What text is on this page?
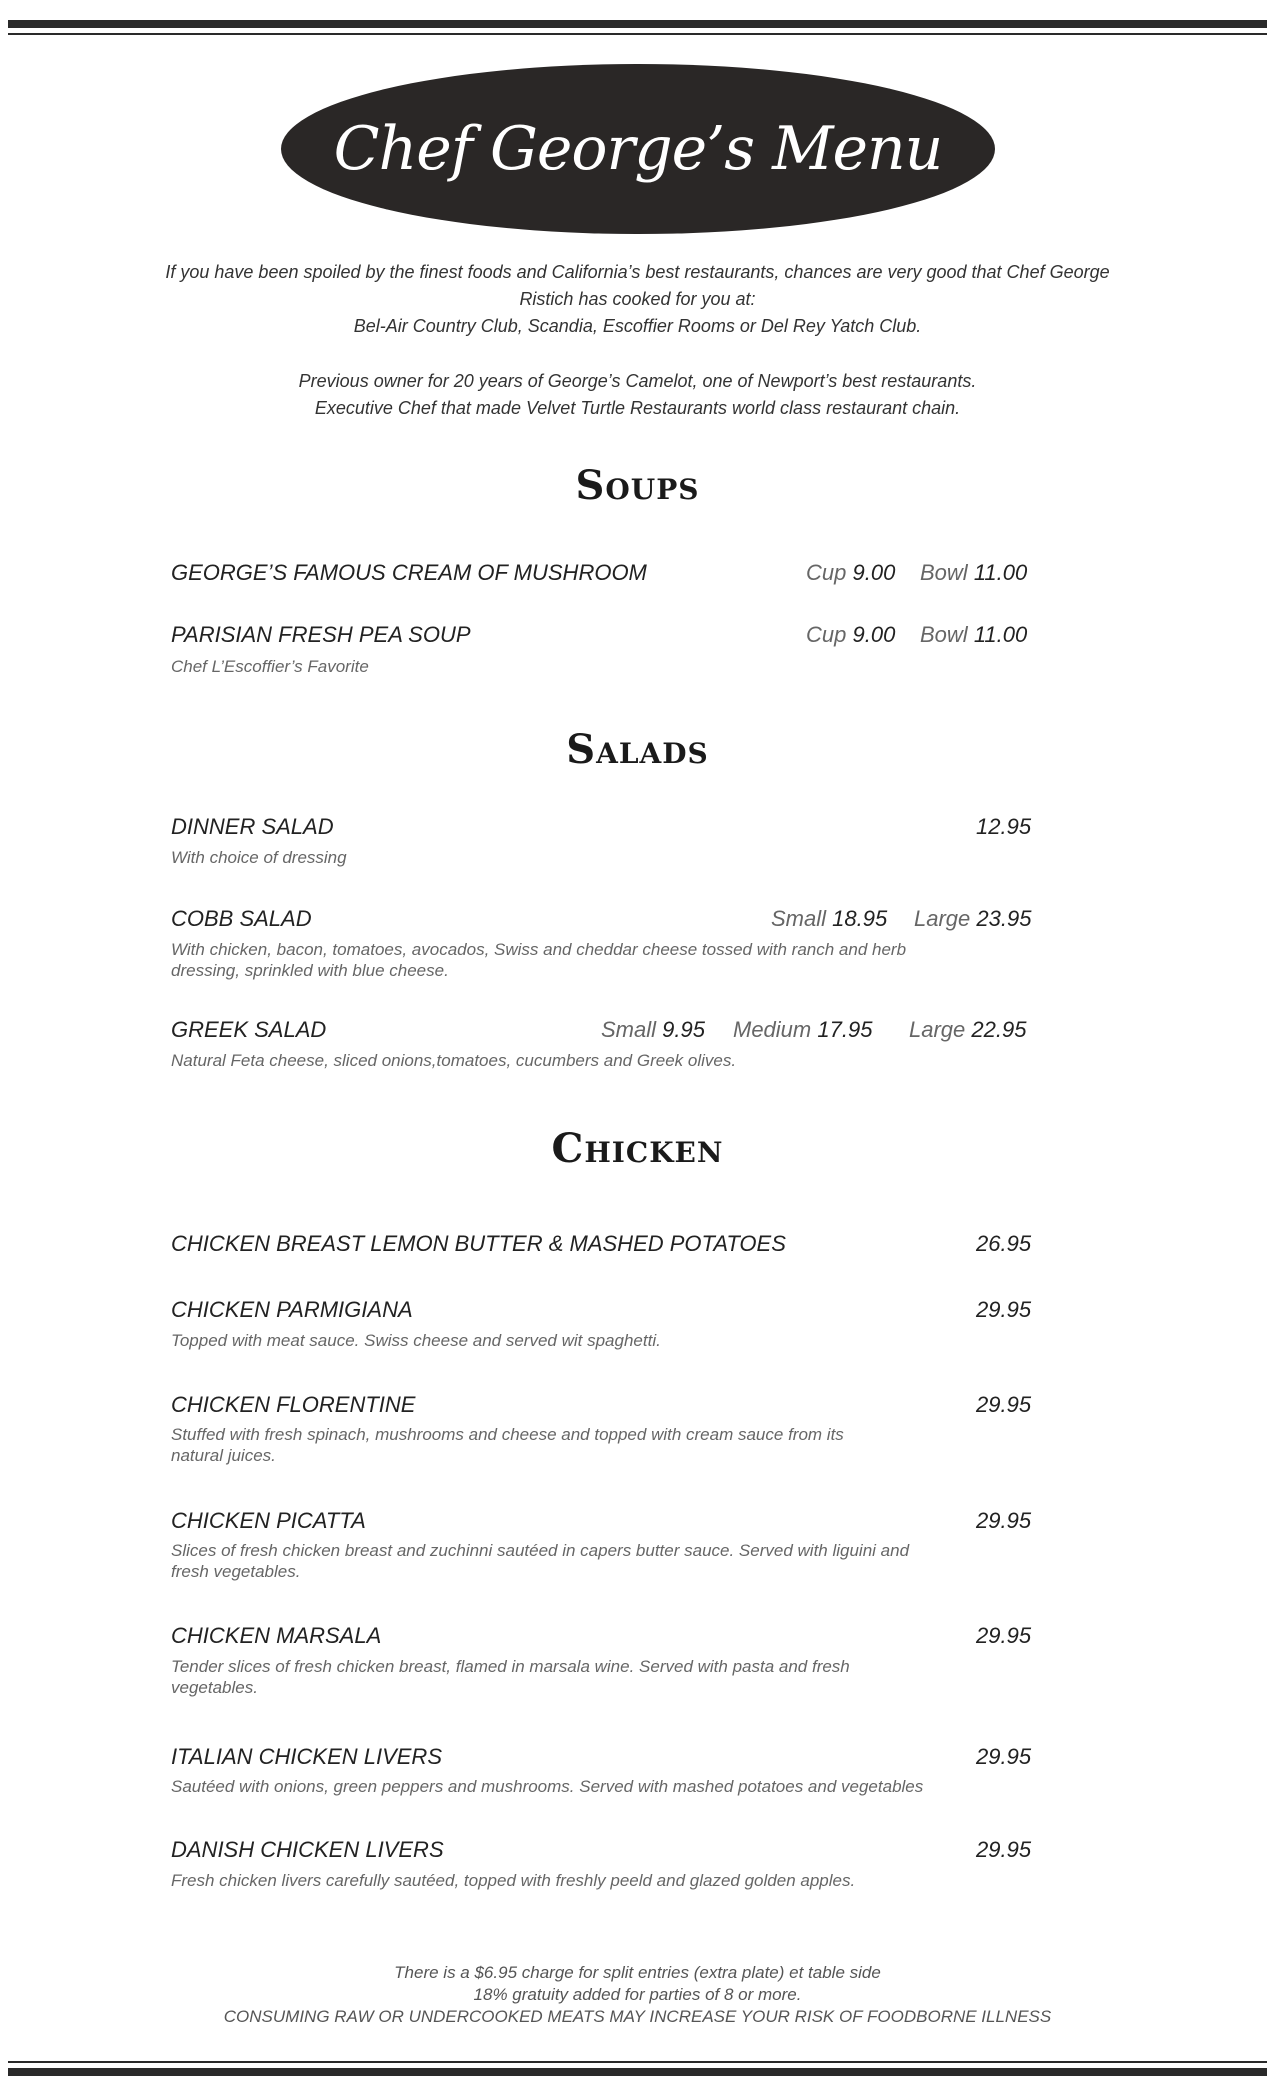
Chef George’s Menu
If you have been spoiled by the finest foods and California’s best restaurants, chances are very good that Chef George
Ristich has cooked for you at:
Bel-Air Country Club, Scandia, Escoffier Rooms or Del Rey Yatch Club.
Previous owner for 20 years of George’s Camelot, one of Newport’s best restaurants.
Executive Chef that made Velvet Turtle Restaurants world class restaurant chain.
Soups
GEORGE’S FAMOUS CREAM OF MUSHROOM	Cup 9.00 Bowl 11.00
PARISIAN FRESH PEA SOUP
Chef L’Escoffier’s Favorite
Cup 9.00 Bowl 11.00
Salads
DINNER SALAD
With choice of dressing
12.95
COBB SALAD
With chicken, bacon, tomatoes, avocados, Swiss and cheddar cheese tossed with ranch and herb dressing, sprinkled with blue cheese.
Small 18.95 Large 23.95
GREEK SALAD
Natural Feta cheese, sliced onions,tomatoes, cucumbers and Greek olives.
Small 9.95 Medium 17.95 Large 22.95
Chicken
CHICKEN BREAST LEMON BUTTER & MASHED POTATOES	26.95
CHICKEN PARMIGIANA
Topped with meat sauce. Swiss cheese and served wit spaghetti.
29.95
CHICKEN FLORENTINE
Stuffed with fresh spinach, mushrooms and cheese and topped with cream sauce from its natural juices.
29.95
CHICKEN PICATTA
Slices of fresh chicken breast and zuchinni sautéed in capers butter sauce. Served with liguini and fresh vegetables.
29.95
CHICKEN MARSALA
Tender slices of fresh chicken breast, flamed in marsala wine. Served with pasta and fresh vegetables.
29.95
ITALIAN CHICKEN LIVERS
Sautéed with onions, green peppers and mushrooms. Served with mashed potatoes and vegetables
29.95
DANISH CHICKEN LIVERS
Fresh chicken livers carefully sautéed, topped with freshly peeld and glazed golden apples.
29.95
There is a $6.95 charge for split entries (extra plate) et table side
18% gratuity added for parties of 8 or more.
CONSUMING RAW OR UNDERCOOKED MEATS MAY INCREASE YOUR RISK OF FOODBORNE ILLNESS
